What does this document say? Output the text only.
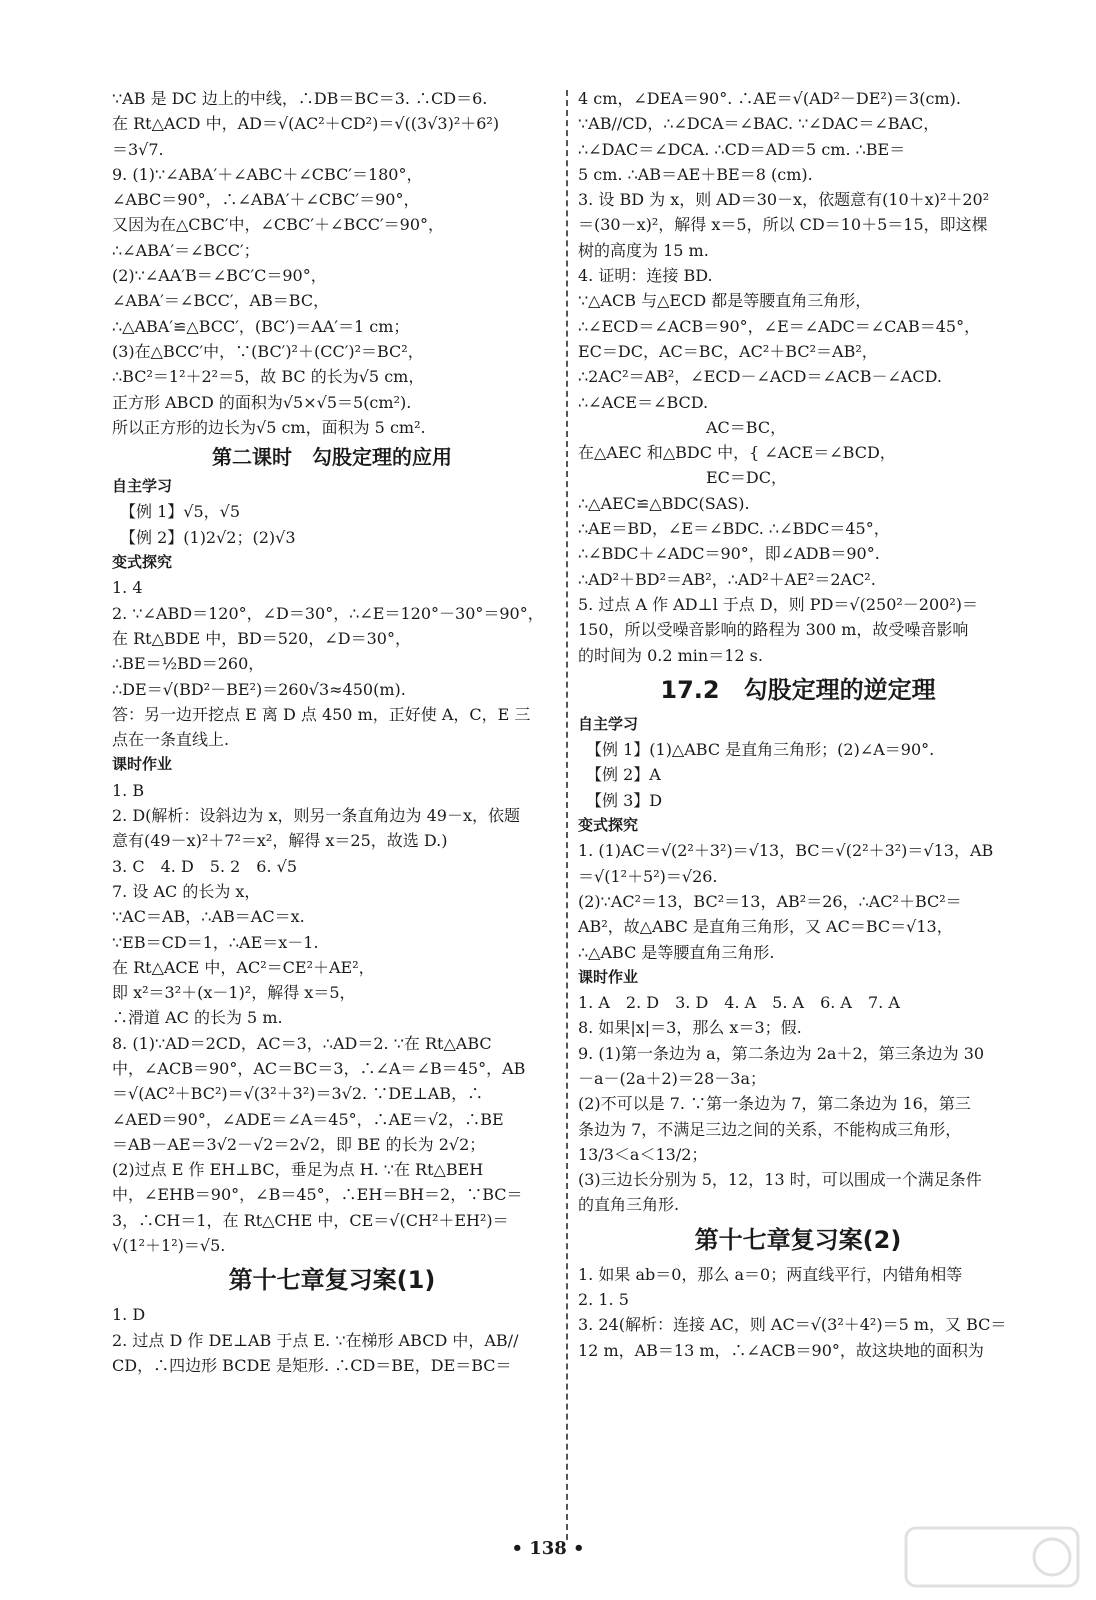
∵AB 是 DC 边上的中线，∴DB＝BC＝3. ∴CD＝6.
在 Rt△ACD 中，AD＝√(AC²＋CD²)＝√((3√3)²＋6²)
＝3√7.
9. (1)∵∠ABA′＋∠ABC＋∠CBC′＝180°，
∠ABC＝90°，∴∠ABA′＋∠CBC′＝90°，
又因为在△CBC′中，∠CBC′＋∠BCC′＝90°，
∴∠ABA′＝∠BCC′；
(2)∵∠AA′B＝∠BC′C＝90°，
∠ABA′＝∠BCC′，AB＝BC，
∴△ABA′≌△BCC′，(BC′)＝AA′＝1 cm；
(3)在△BCC′中，∵(BC′)²＋(CC′)²＝BC²，
∴BC²＝1²＋2²＝5，故 BC 的长为√5 cm，
正方形 ABCD 的面积为√5×√5＝5(cm²).
所以正方形的边长为√5 cm，面积为 5 cm².
第二课时　勾股定理的应用
自主学习
　【例 1】√5，√5
　【例 2】(1)2√2；(2)√3
变式探究
1. 4
2. ∵∠ABD＝120°，∠D＝30°，∴∠E＝120°－30°＝90°，
在 Rt△BDE 中，BD＝520，∠D＝30°，
∴BE＝½BD＝260，
∴DE＝√(BD²－BE²)＝260√3≈450(m).
答：另一边开挖点 E 离 D 点 450 m，正好使 A，C，E 三
点在一条直线上.
课时作业
1. B
2. D(解析：设斜边为 x，则另一条直角边为 49－x，依题
意有(49－x)²＋7²＝x²，解得 x＝25，故选 D.)
3. C　4. D　5. 2　6. √5
7. 设 AC 的长为 x，
∵AC＝AB，∴AB＝AC＝x.
∵EB＝CD＝1，∴AE＝x－1.
在 Rt△ACE 中，AC²＝CE²＋AE²，
即 x²＝3²＋(x－1)²，解得 x＝5，
∴滑道 AC 的长为 5 m.
8. (1)∵AD＝2CD，AC＝3，∴AD＝2. ∵在 Rt△ABC
中，∠ACB＝90°，AC＝BC＝3，∴∠A＝∠B＝45°，AB
＝√(AC²＋BC²)＝√(3²＋3²)＝3√2. ∵DE⊥AB，∴
∠AED＝90°，∠ADE＝∠A＝45°，∴AE＝√2，∴BE
＝AB－AE＝3√2－√2＝2√2，即 BE 的长为 2√2；
(2)过点 E 作 EH⊥BC，垂足为点 H. ∵在 Rt△BEH
中，∠EHB＝90°，∠B＝45°，∴EH＝BH＝2，∵BC＝
3，∴CH＝1，在 Rt△CHE 中，CE＝√(CH²＋EH²)＝
√(1²＋1²)＝√5.
第十七章复习案(1)
1. D
2. 过点 D 作 DE⊥AB 于点 E. ∵在梯形 ABCD 中，AB//
CD，∴四边形 BCDE 是矩形. ∴CD＝BE，DE＝BC＝
4 cm，∠DEA＝90°. ∴AE＝√(AD²－DE²)＝3(cm).
∵AB//CD，∴∠DCA＝∠BAC. ∵∠DAC＝∠BAC，
∴∠DAC＝∠DCA. ∴CD＝AD＝5 cm. ∴BE＝
5 cm. ∴AB＝AE＋BE＝8 (cm).
3. 设 BD 为 x，则 AD＝30－x，依题意有(10＋x)²＋20²
＝(30－x)²，解得 x＝5，所以 CD＝10＋5＝15，即这棵
树的高度为 15 m.
4. 证明：连接 BD.
∵△ACB 与△ECD 都是等腰直角三角形，
∴∠ECD＝∠ACB＝90°，∠E＝∠ADC＝∠CAB＝45°，
EC＝DC，AC＝BC，AC²＋BC²＝AB²，
∴2AC²＝AB²，∠ECD－∠ACD＝∠ACB－∠ACD.
∴∠ACE＝∠BCD.
　　　　　　　　AC＝BC，
在△AEC 和△BDC 中，{ ∠ACE＝∠BCD，
　　　　　　　　EC＝DC，
∴△AEC≌△BDC(SAS).
∴AE＝BD，∠E＝∠BDC. ∴∠BDC＝45°，
∴∠BDC＋∠ADC＝90°，即∠ADB＝90°.
∴AD²＋BD²＝AB²，∴AD²＋AE²＝2AC².
5. 过点 A 作 AD⊥l 于点 D，则 PD＝√(250²－200²)＝
150，所以受噪音影响的路程为 300 m，故受噪音影响
的时间为 0.2 min＝12 s.
17.2　勾股定理的逆定理
自主学习
　【例 1】(1)△ABC 是直角三角形；(2)∠A＝90°.
　【例 2】A
　【例 3】D
变式探究
1. (1)AC＝√(2²＋3²)＝√13，BC＝√(2²＋3²)＝√13，AB
＝√(1²＋5²)＝√26.
(2)∵AC²＝13，BC²＝13，AB²＝26，∴AC²＋BC²＝
AB²，故△ABC 是直角三角形，又 AC＝BC＝√13，
∴△ABC 是等腰直角三角形.
课时作业
1. A　2. D　3. D　4. A　5. A　6. A　7. A
8. 如果|x|＝3，那么 x＝3；假.
9. (1)第一条边为 a，第二条边为 2a＋2，第三条边为 30
－a－(2a＋2)＝28－3a；
(2)不可以是 7. ∵第一条边为 7，第二条边为 16，第三
条边为 7，不满足三边之间的关系，不能构成三角形，
13/3＜a＜13/2；
(3)三边长分别为 5，12，13 时，可以围成一个满足条件
的直角三角形.
第十七章复习案(2)
1. 如果 ab＝0，那么 a＝0；两直线平行，内错角相等
2. 1. 5
3. 24(解析：连接 AC，则 AC＝√(3²＋4²)＝5 m，又 BC＝
12 m，AB＝13 m，∴∠ACB＝90°，故这块地的面积为
• 138 •
